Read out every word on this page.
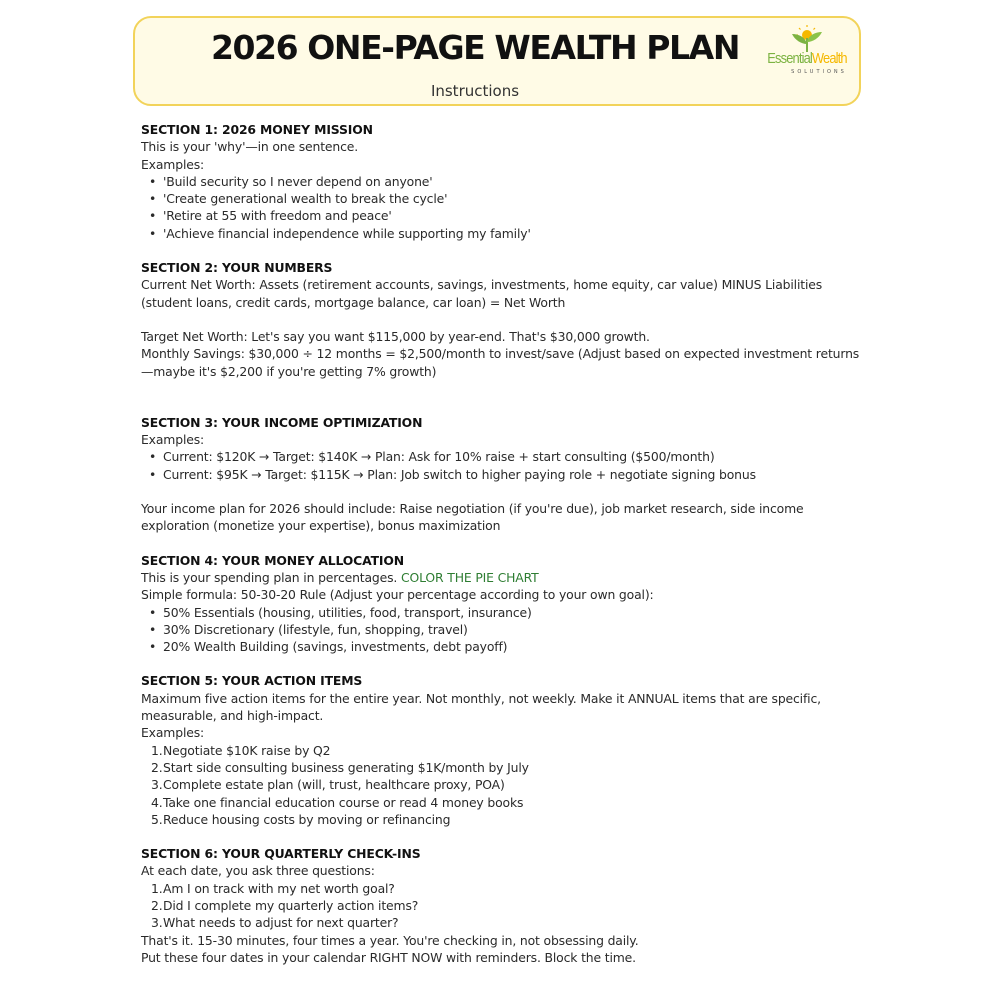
2026 ONE-PAGE WEALTH PLAN
Instructions
EssentialWealth
SOLUTIONS

SECTION 1: 2026 MONEY MISSION

This is your 'why'—in one sentence.

Examples:

• 'Build security so I never depend on anyone'
• 'Create generational wealth to break the cycle'
• 'Retire at 55 with freedom and peace'
• 'Achieve financial independence while supporting my family'

SECTION 2: YOUR NUMBERS

Current Net Worth: Assets (retirement accounts, savings, investments, home equity, car value) MINUS Liabilities (student loans, credit cards, mortgage balance, car loan) = Net Worth

Target Net Worth: Let's say you want $115,000 by year-end. That's $30,000 growth.

Monthly Savings: $30,000 ÷ 12 months = $2,500/month to invest/save (Adjust based on expected investment returns—maybe it's $2,200 if you're getting 7% growth)

SECTION 3: YOUR INCOME OPTIMIZATION

Examples:

• Current: $120K → Target: $140K → Plan: Ask for 10% raise + start consulting ($500/month)
• Current: $95K → Target: $115K → Plan: Job switch to higher paying role + negotiate signing bonus

Your income plan for 2026 should include: Raise negotiation (if you're due), job market research, side income exploration (monetize your expertise), bonus maximization

SECTION 4: YOUR MONEY ALLOCATION

This is your spending plan in percentages. COLOR THE PIE CHART

Simple formula: 50-30-20 Rule (Adjust your percentage according to your own goal):

• 50% Essentials (housing, utilities, food, transport, insurance)
• 30% Discretionary (lifestyle, fun, shopping, travel)
• 20% Wealth Building (savings, investments, debt payoff)

SECTION 5: YOUR ACTION ITEMS

Maximum five action items for the entire year. Not monthly, not weekly. Make it ANNUAL items that are specific, measurable, and high-impact.

Examples:

1. Negotiate $10K raise by Q2
2. Start side consulting business generating $1K/month by July
3. Complete estate plan (will, trust, healthcare proxy, POA)
4. Take one financial education course or read 4 money books
5. Reduce housing costs by moving or refinancing

SECTION 6: YOUR QUARTERLY CHECK-INS

At each date, you ask three questions:

1. Am I on track with my net worth goal?
2. Did I complete my quarterly action items?
3. What needs to adjust for next quarter?

That's it. 15-30 minutes, four times a year. You're checking in, not obsessing daily.

Put these four dates in your calendar RIGHT NOW with reminders. Block the time.
